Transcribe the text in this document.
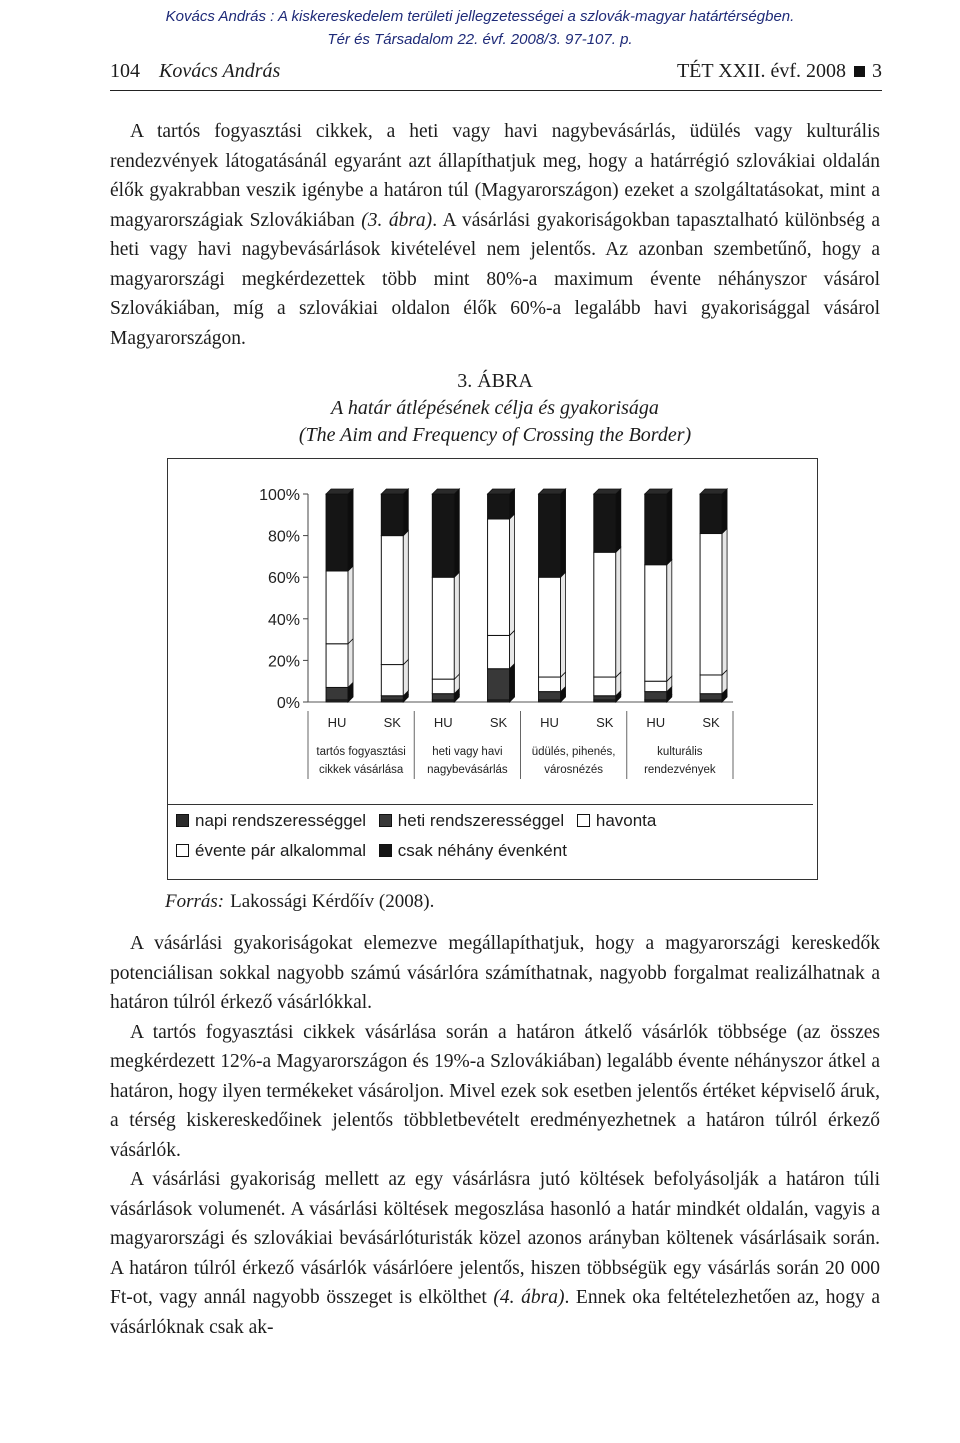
Kovács András : A kiskereskedelem területi jellegzetességei a szlovák-magyar határtérségben.
Tér és Társadalom 22. évf. 2008/3. 97-107. p.
104 Kovács András	TÉT XXII. évf. 2008 3

A tartós fogyasztási cikkek, a heti vagy havi nagybevásárlás, üdülés vagy kulturális rendezvények látogatásánál egyaránt azt állapíthatjuk meg, hogy a határrégió szlovákiai oldalán élők gyakrabban veszik igénybe a határon túl (Magyarországon) ezeket a szolgáltatásokat, mint a magyarországiak Szlovákiában (3. ábra). A vásárlási gyakoriságokban tapasztalható különbség a heti vagy havi nagybevásárlások kivételével nem jelentős. Az azonban szembetűnő, hogy a magyarországi megkérdezettek több mint 80%-a maximum évente néhányszor vásárol Szlovákiában, míg a szlovákiai oldalon élők 60%-a legalább havi gyakorisággal vásárol Magyarországon.

3. ÁBRA
A határ átlépésének célja és gyakorisága
(The Aim and Frequency of Crossing the Border)
0%
20%
40%
60%
80%
100%
HU	SK	HU	SK	HU	SK	HU	SK
tartós fogyasztási
cikkek vásárlása
heti vagy havi
nagybevásárlás
üdülés, pihenés,
városnézés
kulturális
rendezvények
napi rendszerességgel heti rendszerességgel havonta
évente pár alkalommal csak néhány évenként
Forrás: Lakossági Kérdőív (2008).

A vásárlási gyakoriságokat elemezve megállapíthatjuk, hogy a magyarországi kereskedők potenciálisan sokkal nagyobb számú vásárlóra számíthatnak, nagyobb forgalmat realizálhatnak a határon túlról érkező vásárlókkal.

A tartós fogyasztási cikkek vásárlása során a határon átkelő vásárlók többsége (az összes megkérdezett 12%-a Magyarországon és 19%-a Szlovákiában) legalább évente néhányszor átkel a határon, hogy ilyen termékeket vásároljon. Mivel ezek sok esetben jelentős értéket képviselő áruk, a térség kiskereskedőinek jelentős többletbevételt eredményezhetnek a határon túlról érkező vásárlók.

A vásárlási gyakoriság mellett az egy vásárlásra jutó költések befolyásolják a határon túli vásárlások volumenét. A vásárlási költések megoszlása hasonló a határ mindkét oldalán, vagyis a magyarországi és szlovákiai bevásárlóturisták közel azonos arányban költenek vásárlásaik során. A határon túlról érkező vásárlók vásárlóere jelentős, hiszen többségük egy vásárlás során 20 000 Ft-ot, vagy annál nagyobb összeget is elkölthet (4. ábra). Ennek oka feltételezhetően az, hogy a vásárlóknak csak ak-
